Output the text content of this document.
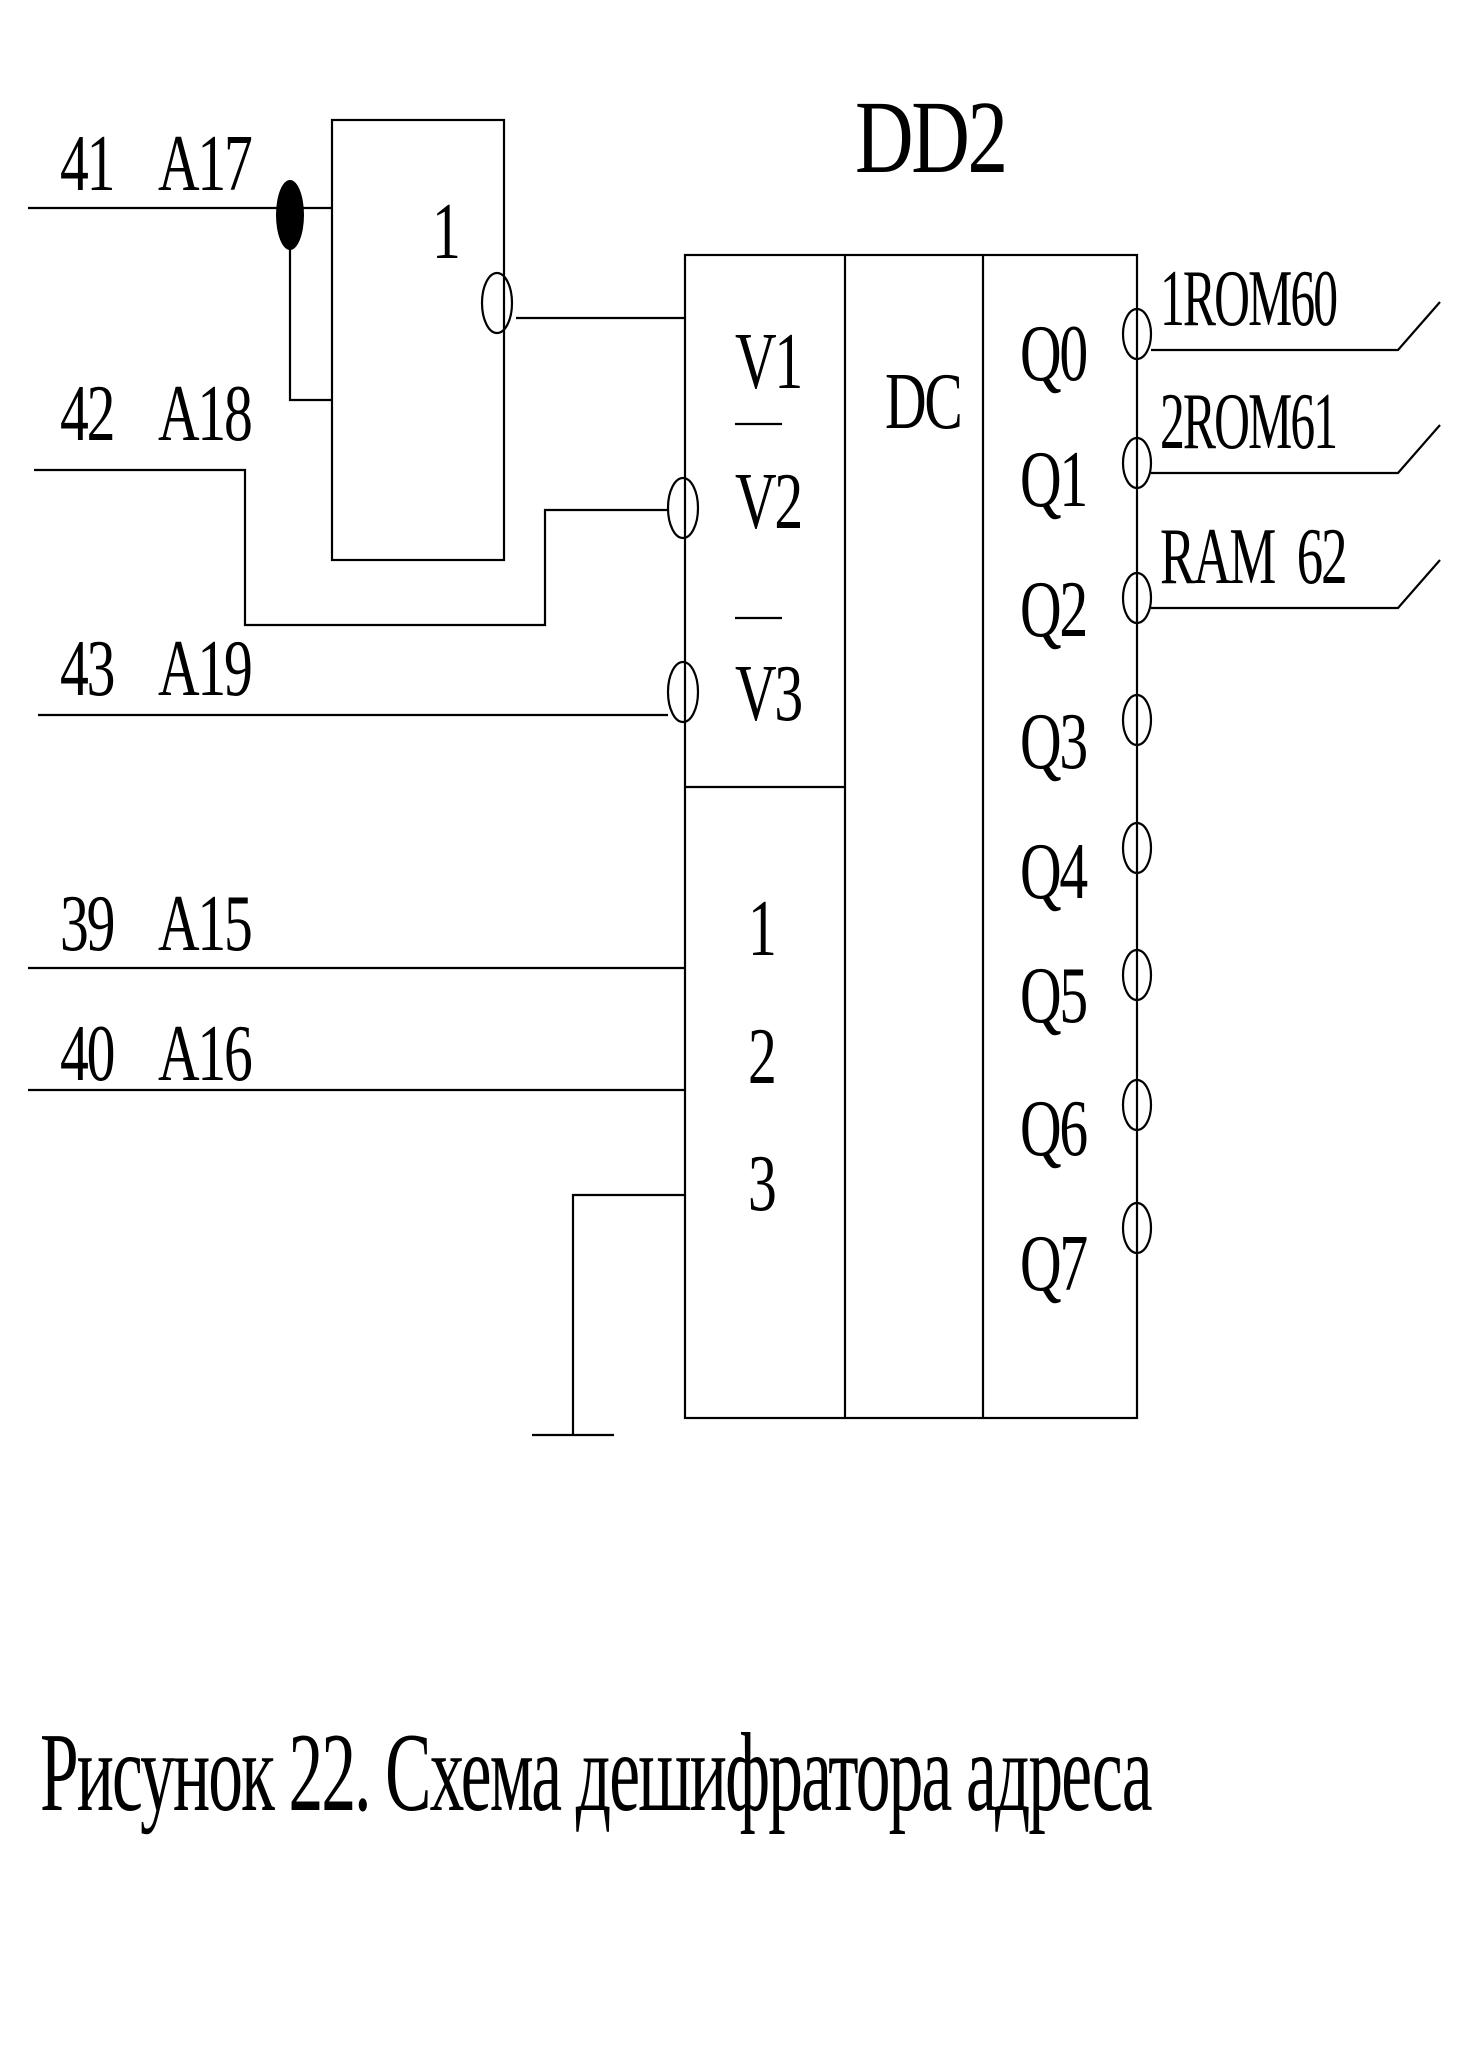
DD2
41 A17
42 A18
43 A19
39 A15
40 A16
1
DC
V1
V2
V3
1
2
3
Q0
Q1
Q2
Q3
Q4
Q5
Q6
Q7
1ROM60
2ROM61
RAM  62
Рисунок 22. Схема дешифратора адреса
